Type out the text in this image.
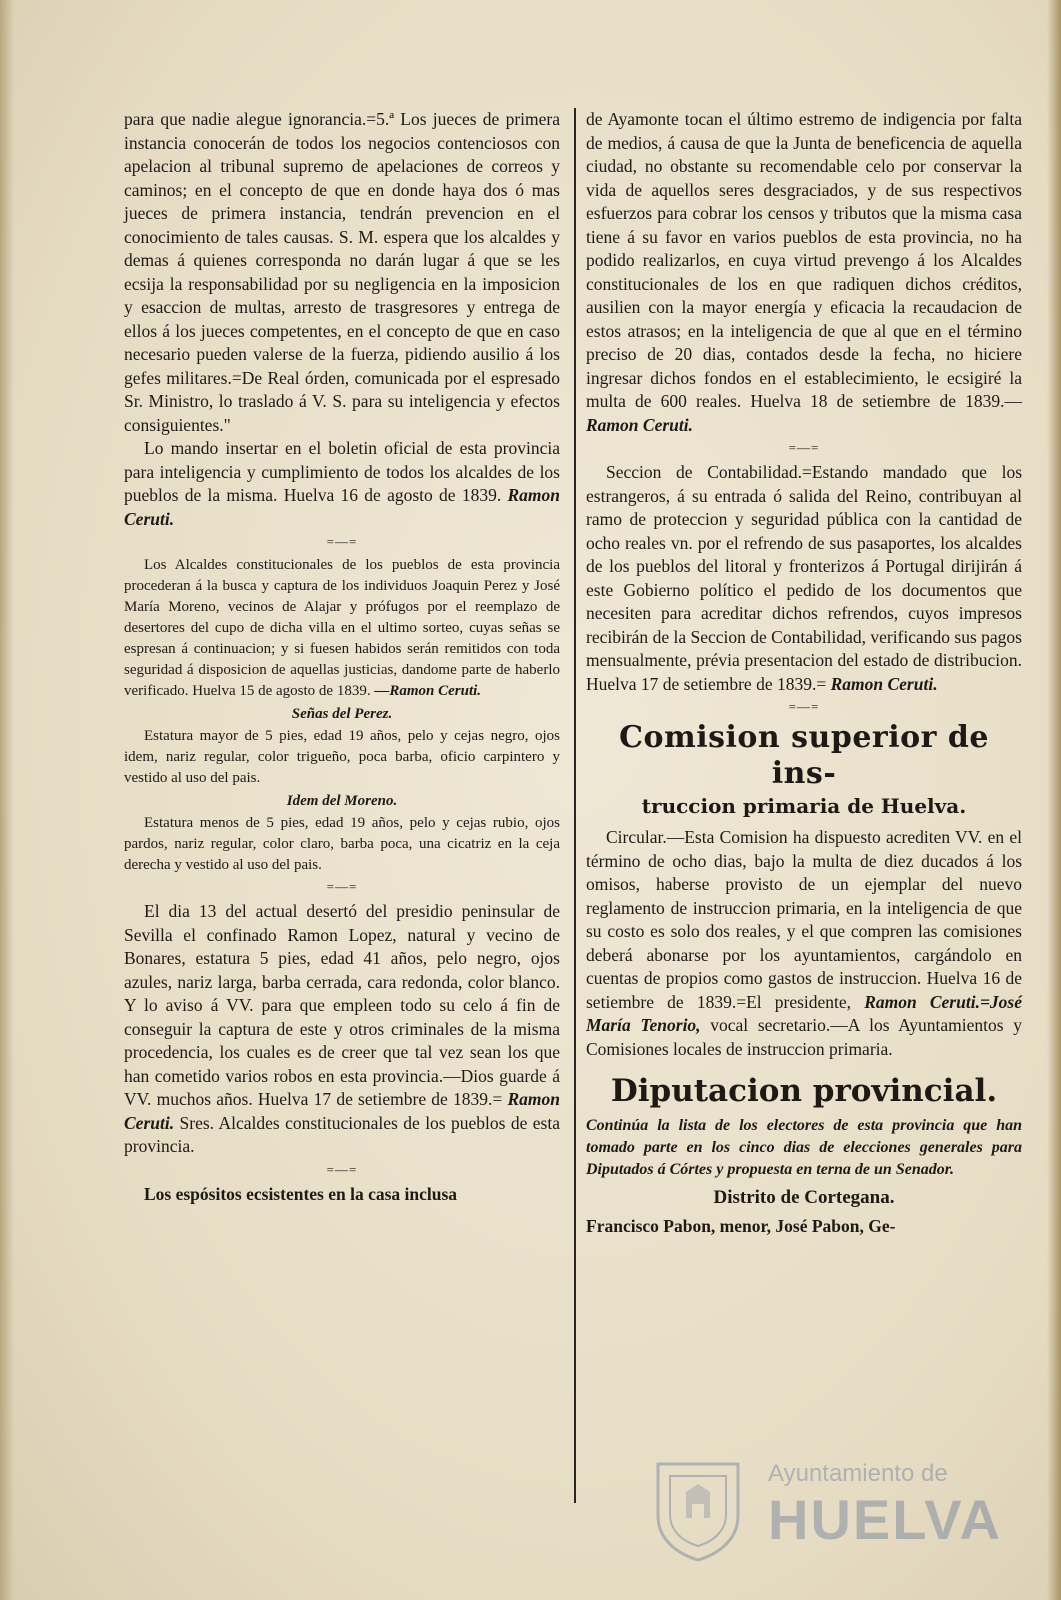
para que nadie alegue ignorancia.=5.ª Los jueces de primera instancia conocerán de todos los negocios contenciosos con apelacion al tribunal supremo de apelaciones de correos y caminos; en el concepto de que en donde haya dos ó mas jueces de primera instancia, tendrán prevencion en el conocimiento de tales causas. S. M. espera que los alcaldes y demas á quienes corresponda no darán lugar á que se les ecsija la responsabilidad por su negligencia en la imposicion y esaccion de multas, arresto de trasgresores y entrega de ellos á los jueces competentes, en el concepto de que en caso necesario pueden valerse de la fuerza, pidiendo ausilio á los gefes militares.=De Real órden, comunicada por el espresado Sr. Ministro, lo traslado á V. S. para su inteligencia y efectos consiguientes."

Lo mando insertar en el boletin oficial de esta provincia para inteligencia y cumplimiento de todos los alcaldes de los pueblos de la misma. Huelva 16 de agosto de 1839. Ramon Ceruti.

=—=

Los Alcaldes constitucionales de los pueblos de esta provincia procederan á la busca y captura de los individuos Joaquin Perez y José María Moreno, vecinos de Alajar y prófugos por el reemplazo de desertores del cupo de dicha villa en el ultimo sorteo, cuyas señas se espresan á continuacion; y si fuesen habidos serán remitidos con toda seguridad á disposicion de aquellas justicias, dandome parte de haberlo verificado. Huelva 15 de agosto de 1839. —Ramon Ceruti.

Señas del Perez.

Estatura mayor de 5 pies, edad 19 años, pelo y cejas negro, ojos idem, nariz regular, color trigueño, poca barba, oficio carpintero y vestido al uso del pais.

Idem del Moreno.

Estatura menos de 5 pies, edad 19 años, pelo y cejas rubio, ojos pardos, nariz regular, color claro, barba poca, una cicatriz en la ceja derecha y vestido al uso del pais.

=—=

El dia 13 del actual desertó del presidio peninsular de Sevilla el confinado Ramon Lopez, natural y vecino de Bonares, estatura 5 pies, edad 41 años, pelo negro, ojos azules, nariz larga, barba cerrada, cara redonda, color blanco. Y lo aviso á VV. para que empleen todo su celo á fin de conseguir la captura de este y otros criminales de la misma procedencia, los cuales es de creer que tal vez sean los que han cometido varios robos en esta provincia.—Dios guarde á VV. muchos años. Huelva 17 de setiembre de 1839.= Ramon Ceruti. Sres. Alcaldes constitucionales de los pueblos de esta provincia.

=—=

Los espósitos ecsistentes en la casa inclusa

de Ayamonte tocan el último estremo de indigencia por falta de medios, á causa de que la Junta de beneficencia de aquella ciudad, no obstante su recomendable celo por conservar la vida de aquellos seres desgraciados, y de sus respectivos esfuerzos para cobrar los censos y tributos que la misma casa tiene á su favor en varios pueblos de esta provincia, no ha podido realizarlos, en cuya virtud prevengo á los Alcaldes constitucionales de los en que radiquen dichos créditos, ausilien con la mayor energía y eficacia la recaudacion de estos atrasos; en la inteligencia de que al que en el término preciso de 20 dias, contados desde la fecha, no hiciere ingresar dichos fondos en el establecimiento, le ecsigiré la multa de 600 reales. Huelva 18 de setiembre de 1839.— Ramon Ceruti.

=—=

Seccion de Contabilidad.=Estando mandado que los estrangeros, á su entrada ó salida del Reino, contribuyan al ramo de proteccion y seguridad pública con la cantidad de ocho reales vn. por el refrendo de sus pasaportes, los alcaldes de los pueblos del litoral y fronterizos á Portugal dirijirán á este Gobierno político el pedido de los documentos que necesiten para acreditar dichos refrendos, cuyos impresos recibirán de la Seccion de Contabilidad, verificando sus pagos mensualmente, prévia presentacion del estado de distribucion. Huelva 17 de setiembre de 1839.= Ramon Ceruti.

=—=
Comision superior de ins-
truccion primaria de Huelva.

Circular.—Esta Comision ha dispuesto acrediten VV. en el término de ocho dias, bajo la multa de diez ducados á los omisos, haberse provisto de un ejemplar del nuevo reglamento de instruccion primaria, en la inteligencia de que su costo es solo dos reales, y el que compren las comisiones deberá abonarse por los ayuntamientos, cargándolo en cuentas de propios como gastos de instruccion. Huelva 16 de setiembre de 1839.=El presidente, Ramon Ceruti.=José María Tenorio, vocal secretario.—A los Ayuntamientos y Comisiones locales de instruccion primaria.

Diputacion provincial.

Continúa la lista de los electores de esta provincia que han tomado parte en los cinco dias de elecciones generales para Diputados á Córtes y propuesta en terna de un Senador.

Distrito de Cortegana.

Francisco Pabon, menor, José Pabon, Ge-

Ayuntamiento de
HUELVA
